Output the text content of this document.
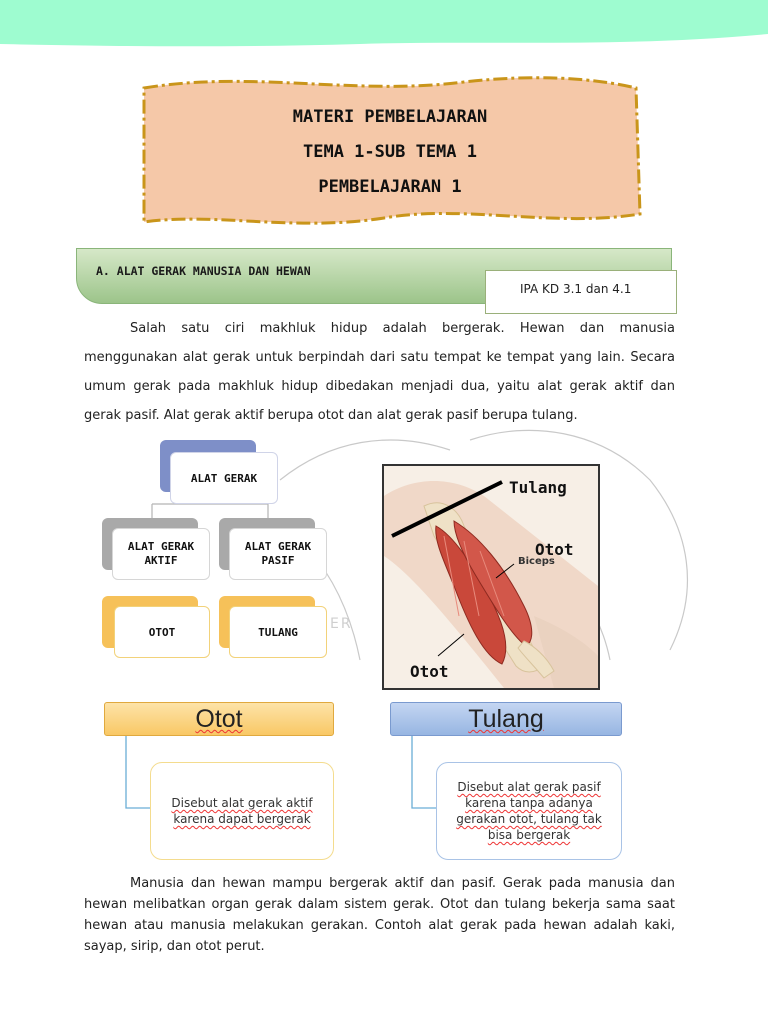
MATERI PEMBELAJARAN
TEMA 1-SUB TEMA 1
PEMBELAJARAN 1
A. ALAT GERAK MANUSIA DAN HEWAN
IPA KD 3.1 dan 4.1
Salah satu ciri makhluk hidup adalah bergerak. Hewan dan manusia
menggunakan alat gerak untuk berpindah dari satu tempat ke tempat yang lain. Secara
umum gerak pada makhluk hidup dibedakan menjadi dua, yaitu alat gerak aktif dan
gerak pasif. Alat gerak aktif berupa otot dan alat gerak pasif berupa tulang.
ER
ALAT GERAK
ALAT GERAK AKTIF
ALAT GERAK PASIF
OTOT	TULANG
Biceps
Tulang
Otot
Otot
Otot
Disebut alat gerak aktif karena dapat bergerak
Tulang
Disebut alat gerak pasif karena tanpa adanya gerakan otot, tulang tak bisa bergerak
Manusia dan hewan mampu bergerak aktif dan pasif. Gerak pada manusia dan
hewan melibatkan organ gerak dalam sistem gerak. Otot dan tulang bekerja sama saat
hewan atau manusia melakukan gerakan. Contoh alat gerak pada hewan adalah kaki,
sayap, sirip, dan otot perut.
